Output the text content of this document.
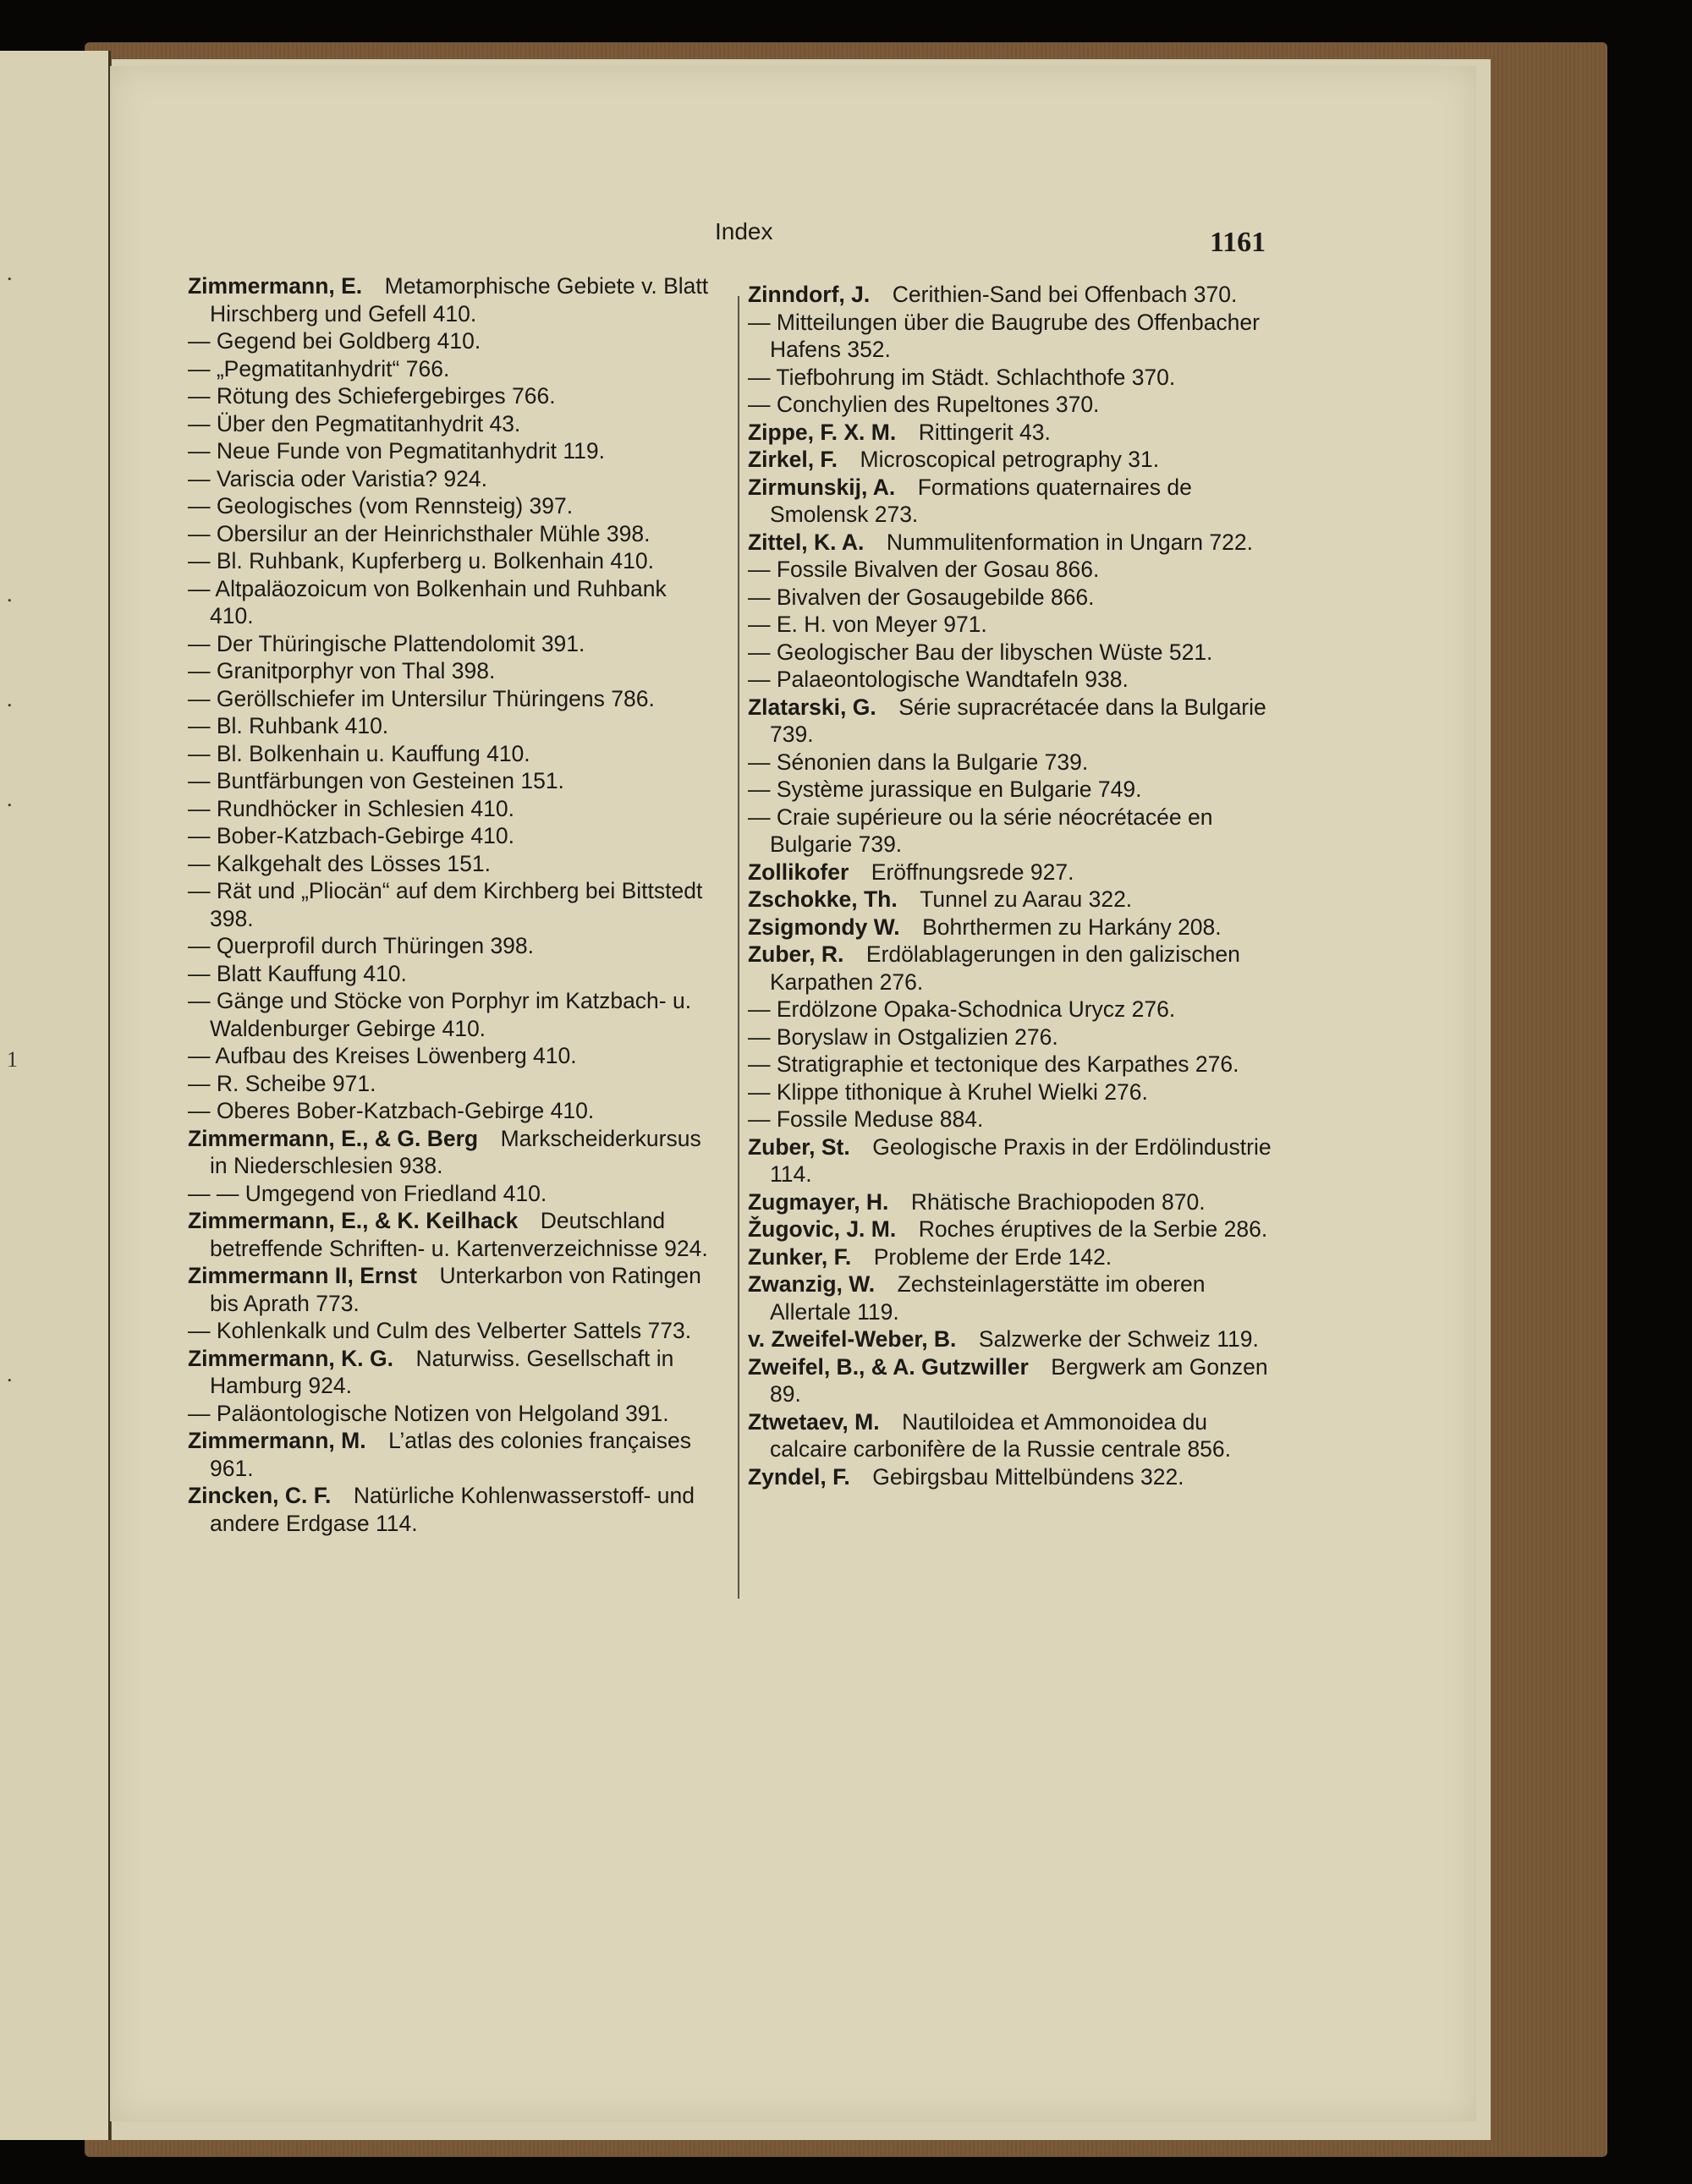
.
.
.
.
1
.
Index	1161
Zimmermann, E.  Metamorphische Gebiete v. Blatt Hirschberg und Gefell 410.
— Gegend bei Goldberg 410.
— „Pegmatitanhydrit“ 766.
— Rötung des Schiefergebirges 766.
— Über den Pegmatitanhydrit 43.
— Neue Funde von Pegmatitanhydrit 119.
— Variscia oder Varistia? 924.
— Geologisches (vom Rennsteig) 397.
— Obersilur an der Heinrichsthaler Mühle 398.
— Bl. Ruhbank, Kupferberg u. Bolkenhain 410.
— Altpaläozoicum von Bolkenhain und Ruhbank 410.
— Der Thüringische Plattendolomit 391.
— Granitporphyr von Thal 398.
— Geröllschiefer im Untersilur Thüringens 786.
— Bl. Ruhbank 410.
— Bl. Bolkenhain u. Kauffung 410.
— Buntfärbungen von Gesteinen 151.
— Rundhöcker in Schlesien 410.
— Bober-Katzbach-Gebirge 410.
— Kalkgehalt des Lösses 151.
— Rät und „Pliocän“ auf dem Kirchberg bei Bittstedt 398.
— Querprofil durch Thüringen 398.
— Blatt Kauffung 410.
— Gänge und Stöcke von Porphyr im Katzbach- u. Waldenburger Gebirge 410.
— Aufbau des Kreises Löwenberg 410.
— R. Scheibe 971.
— Oberes Bober-Katzbach-Gebirge 410.
Zimmermann, E., & G. Berg  Markscheiderkursus in Niederschlesien 938.
— — Umgegend von Friedland 410.
Zimmermann, E., & K. Keilhack  Deutschland betreffende Schriften- u. Kartenverzeichnisse 924.
Zimmermann II, Ernst  Unterkarbon von Ratingen bis Aprath 773.
— Kohlenkalk und Culm des Velberter Sattels 773.
Zimmermann, K. G.  Naturwiss. Gesellschaft in Hamburg 924.
— Paläontologische Notizen von Helgoland 391.
Zimmermann, M.  L’atlas des colonies françaises 961.
Zincken, C. F.  Natürliche Kohlenwasserstoff- und andere Erdgase 114.
Zinndorf, J.  Cerithien-Sand bei Offenbach 370.
— Mitteilungen über die Baugrube des Offenbacher Hafens 352.
— Tiefbohrung im Städt. Schlachthofe 370.
— Conchylien des Rupeltones 370.
Zippe, F. X. M.  Rittingerit 43.
Zirkel, F.  Microscopical petrography 31.
Zirmunskij, A.  Formations quaternaires de Smolensk 273.
Zittel, K. A.  Nummulitenformation in Ungarn 722.
— Fossile Bivalven der Gosau 866.
— Bivalven der Gosaugebilde 866.
— E. H. von Meyer 971.
— Geologischer Bau der libyschen Wüste 521.
— Palaeontologische Wandtafeln 938.
Zlatarski, G.  Série supracrétacée dans la Bulgarie 739.
— Sénonien dans la Bulgarie 739.
— Système jurassique en Bulgarie 749.
— Craie supérieure ou la série néocrétacée en Bulgarie 739.
Zollikofer  Eröffnungsrede 927.
Zschokke, Th.  Tunnel zu Aarau 322.
Zsigmondy W.  Bohrthermen zu Harkány 208.
Zuber, R.  Erdölablagerungen in den galizischen Karpathen 276.
— Erdölzone Opaka-Schodnica Urycz 276.
— Boryslaw in Ostgalizien 276.
— Stratigraphie et tectonique des Karpathes 276.
— Klippe tithonique à Kruhel Wielki 276.
— Fossile Meduse 884.
Zuber, St.  Geologische Praxis in der Erdölindustrie 114.
Zugmayer, H.  Rhätische Brachiopoden 870.
Žugovic, J. M.  Roches éruptives de la Serbie 286.
Zunker, F.  Probleme der Erde 142.
Zwanzig, W.  Zechsteinlagerstätte im oberen Allertale 119.
v. Zweifel-Weber, B.  Salzwerke der Schweiz 119.
Zweifel, B., & A. Gutzwiller  Bergwerk am Gonzen 89.
Ztwetaev, M.  Nautiloidea et Ammonoidea du calcaire carbonifère de la Russie centrale 856.
Zyndel, F.  Gebirgsbau Mittelbündens 322.
